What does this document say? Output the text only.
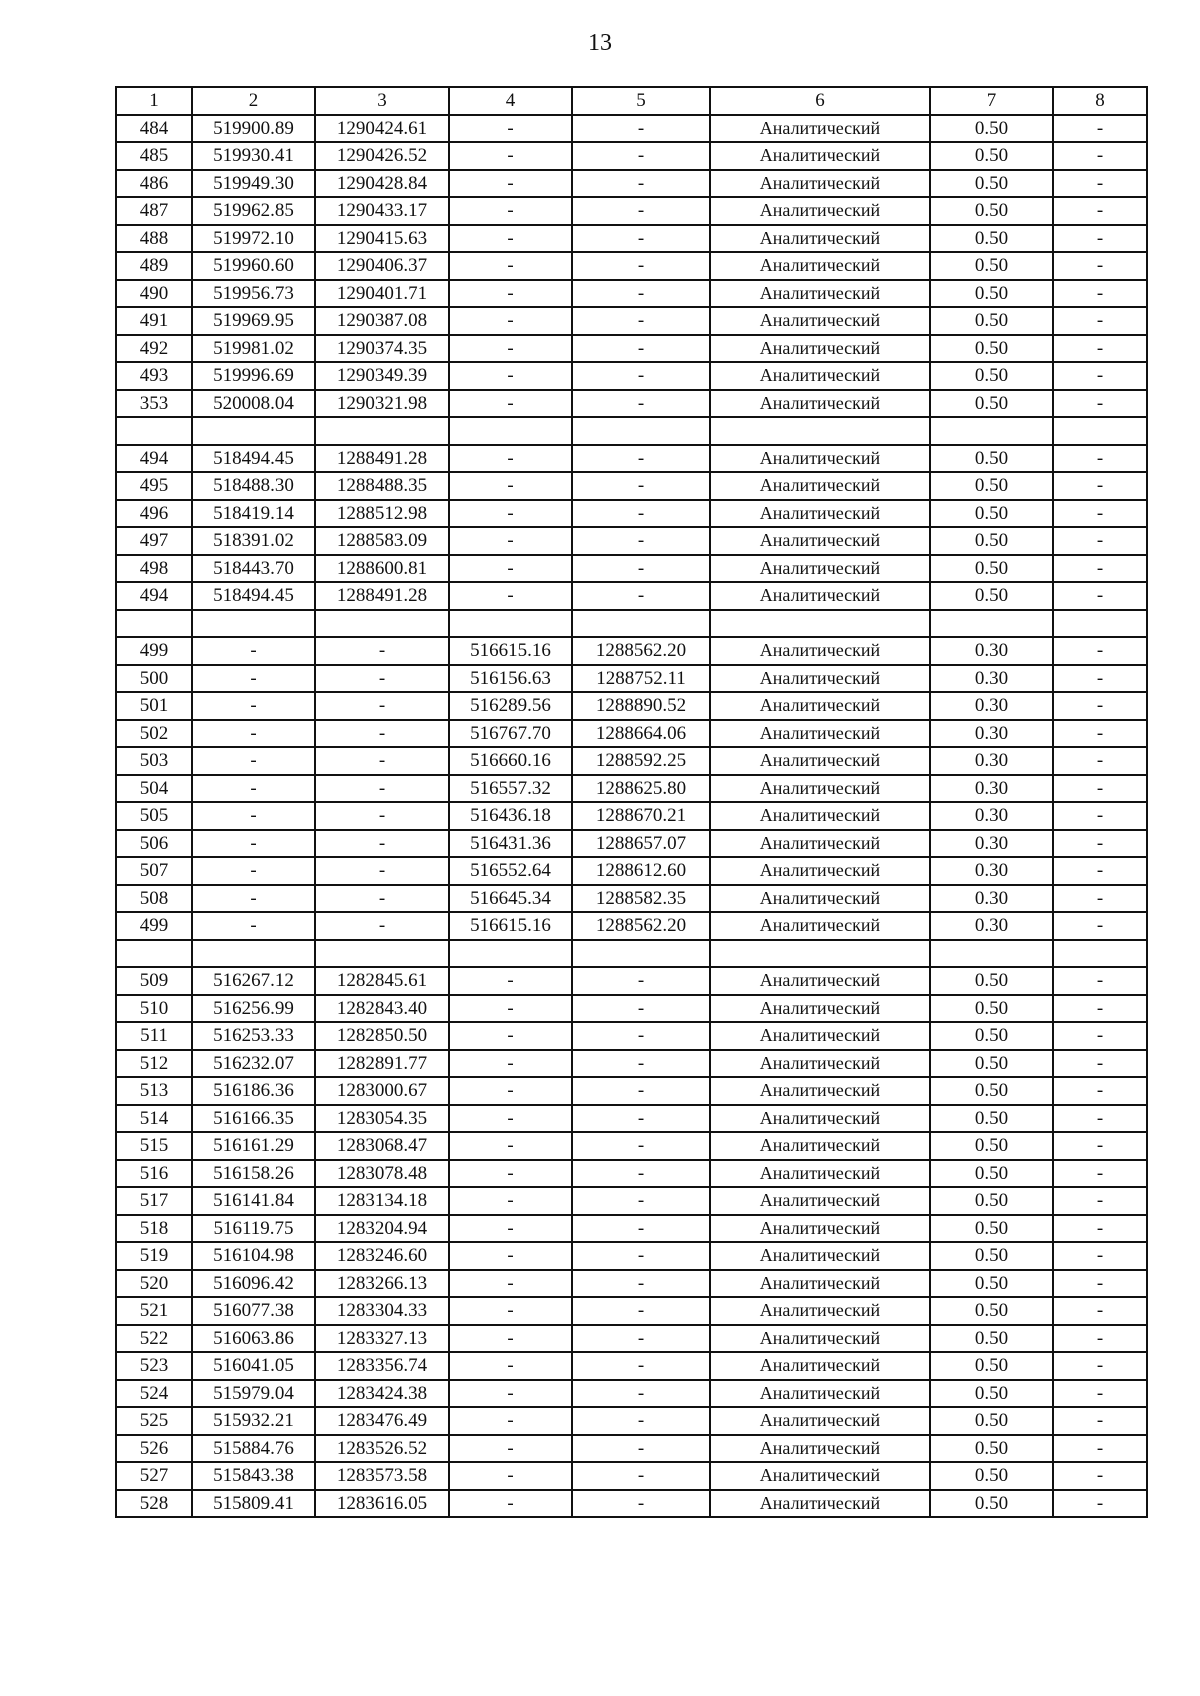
13
1	2	3	4	5	6	7	8
484	519900.89	1290424.61	-	-	Аналитический	0.50	-
485	519930.41	1290426.52	-	-	Аналитический	0.50	-
486	519949.30	1290428.84	-	-	Аналитический	0.50	-
487	519962.85	1290433.17	-	-	Аналитический	0.50	-
488	519972.10	1290415.63	-	-	Аналитический	0.50	-
489	519960.60	1290406.37	-	-	Аналитический	0.50	-
490	519956.73	1290401.71	-	-	Аналитический	0.50	-
491	519969.95	1290387.08	-	-	Аналитический	0.50	-
492	519981.02	1290374.35	-	-	Аналитический	0.50	-
493	519996.69	1290349.39	-	-	Аналитический	0.50	-
353	520008.04	1290321.98	-	-	Аналитический	0.50	-

494	518494.45	1288491.28	-	-	Аналитический	0.50	-
495	518488.30	1288488.35	-	-	Аналитический	0.50	-
496	518419.14	1288512.98	-	-	Аналитический	0.50	-
497	518391.02	1288583.09	-	-	Аналитический	0.50	-
498	518443.70	1288600.81	-	-	Аналитический	0.50	-
494	518494.45	1288491.28	-	-	Аналитический	0.50	-

499	-	-	516615.16	1288562.20	Аналитический	0.30	-
500	-	-	516156.63	1288752.11	Аналитический	0.30	-
501	-	-	516289.56	1288890.52	Аналитический	0.30	-
502	-	-	516767.70	1288664.06	Аналитический	0.30	-
503	-	-	516660.16	1288592.25	Аналитический	0.30	-
504	-	-	516557.32	1288625.80	Аналитический	0.30	-
505	-	-	516436.18	1288670.21	Аналитический	0.30	-
506	-	-	516431.36	1288657.07	Аналитический	0.30	-
507	-	-	516552.64	1288612.60	Аналитический	0.30	-
508	-	-	516645.34	1288582.35	Аналитический	0.30	-
499	-	-	516615.16	1288562.20	Аналитический	0.30	-

509	516267.12	1282845.61	-	-	Аналитический	0.50	-
510	516256.99	1282843.40	-	-	Аналитический	0.50	-
511	516253.33	1282850.50	-	-	Аналитический	0.50	-
512	516232.07	1282891.77	-	-	Аналитический	0.50	-
513	516186.36	1283000.67	-	-	Аналитический	0.50	-
514	516166.35	1283054.35	-	-	Аналитический	0.50	-
515	516161.29	1283068.47	-	-	Аналитический	0.50	-
516	516158.26	1283078.48	-	-	Аналитический	0.50	-
517	516141.84	1283134.18	-	-	Аналитический	0.50	-
518	516119.75	1283204.94	-	-	Аналитический	0.50	-
519	516104.98	1283246.60	-	-	Аналитический	0.50	-
520	516096.42	1283266.13	-	-	Аналитический	0.50	-
521	516077.38	1283304.33	-	-	Аналитический	0.50	-
522	516063.86	1283327.13	-	-	Аналитический	0.50	-
523	516041.05	1283356.74	-	-	Аналитический	0.50	-
524	515979.04	1283424.38	-	-	Аналитический	0.50	-
525	515932.21	1283476.49	-	-	Аналитический	0.50	-
526	515884.76	1283526.52	-	-	Аналитический	0.50	-
527	515843.38	1283573.58	-	-	Аналитический	0.50	-
528	515809.41	1283616.05	-	-	Аналитический	0.50	-
